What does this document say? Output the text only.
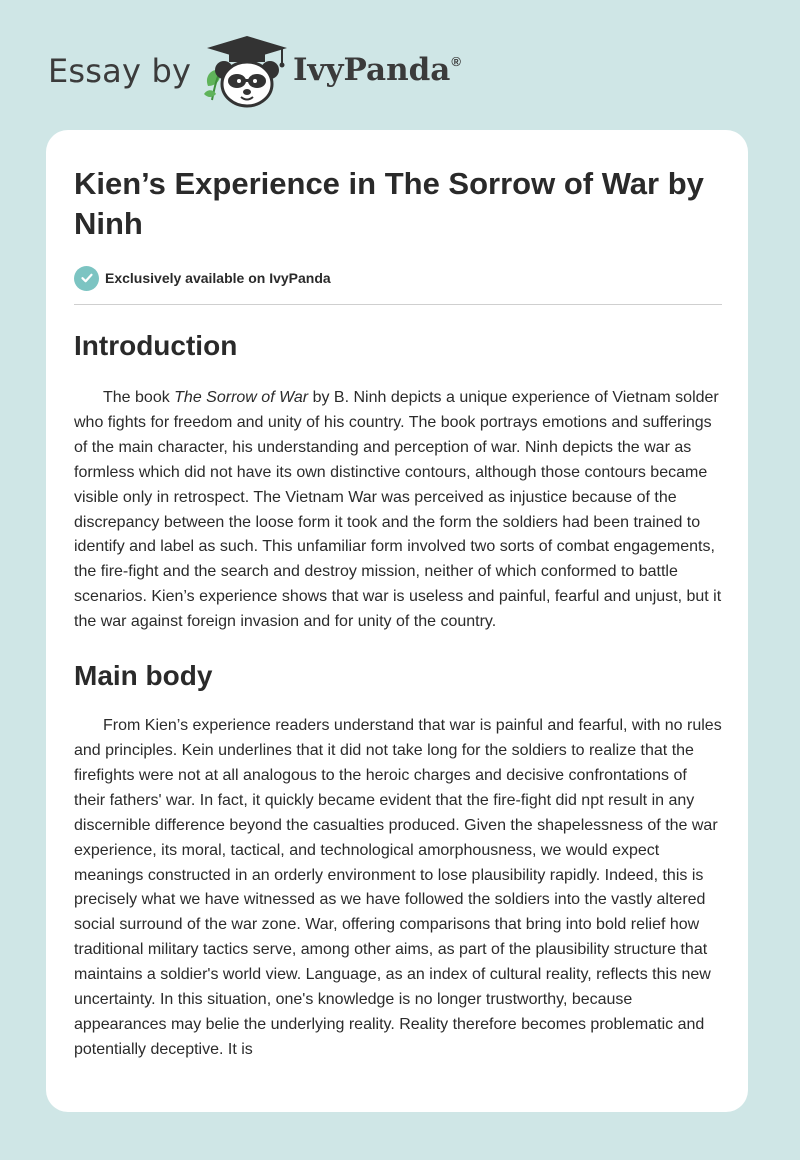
Essay by	IvyPanda®
Kien’s Experience in The Sorrow of War by Ninh
Exclusively available on IvyPanda
Introduction

The book The Sorrow of War by B. Ninh depicts a unique experience of Vietnam solder who fights for freedom and unity of his country. The book portrays emotions and sufferings of the main character, his understanding and perception of war. Ninh depicts the war as formless which did not have its own distinctive contours, although those contours became visible only in retrospect. The Vietnam War was perceived as injustice because of the discrepancy between the loose form it took and the form the soldiers had been trained to identify and label as such. This unfamiliar form involved two sorts of combat engagements, the fire-fight and the search and destroy mission, neither of which conformed to battle scenarios. Kien’s experience shows that war is useless and painful, fearful and unjust, but it the war against foreign invasion and for unity of the country.

Main body

From Kien’s experience readers understand that war is painful and fearful, with no rules and principles. Kein underlines that it did not take long for the soldiers to realize that the firefights were not at all analogous to the heroic charges and decisive confrontations of their fathers' war. In fact, it quickly became evident that the fire-fight did npt result in any discernible difference beyond the casualties produced. Given the shapelessness of the war experience, its moral, tactical, and technological amorphousness, we would expect meanings constructed in an orderly environment to lose plausibility rapidly. Indeed, this is precisely what we have witnessed as we have followed the soldiers into the vastly altered social surround of the war zone. War, offering comparisons that bring into bold relief how traditional military tactics serve, among other aims, as part of the plausibility structure that maintains a soldier's world view. Language, as an index of cultural reality, reflects this new uncertainty. In this situation, one's knowledge is no longer trustworthy, because appearances may belie the underlying reality. Reality therefore becomes problematic and potentially deceptive. It is
